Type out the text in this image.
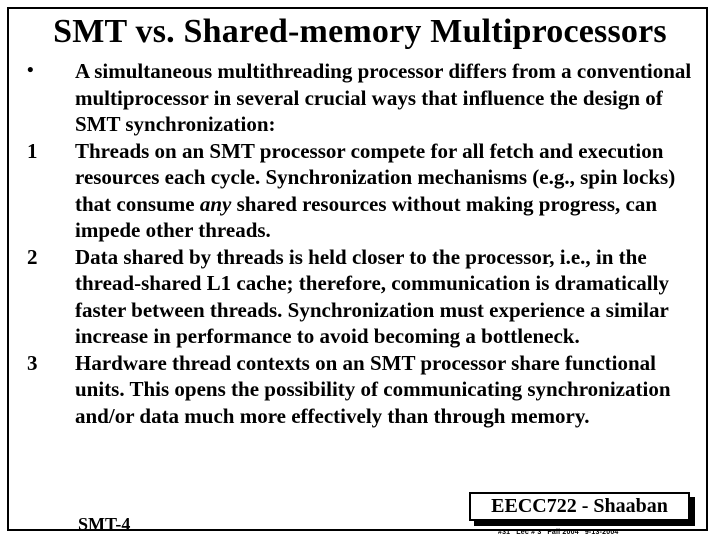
SMT vs. Shared-memory Multiprocessors
•	A simultaneous multithreading processor differs from a conventional multiprocessor in several crucial ways that influence the design of SMT synchronization:
1	Threads on an SMT processor compete for all fetch and execution resources each cycle. Synchronization mechanisms (e.g., spin locks) that consume any shared resources without making progress, can impede other threads.
2	Data shared by threads is held closer to the processor, i.e., in the thread-shared L1 cache; therefore, communication is dramatically faster between threads. Synchronization must experience a similar increase in performance to avoid becoming a bottleneck.
3	Hardware thread contexts on an SMT processor share functional units. This opens the possibility of communicating synchronization and/or data much more effectively than through memory.
SMT-4
EECC722 - Shaaban
#31 Lec # 3 Fall 2004 9-13-2004
